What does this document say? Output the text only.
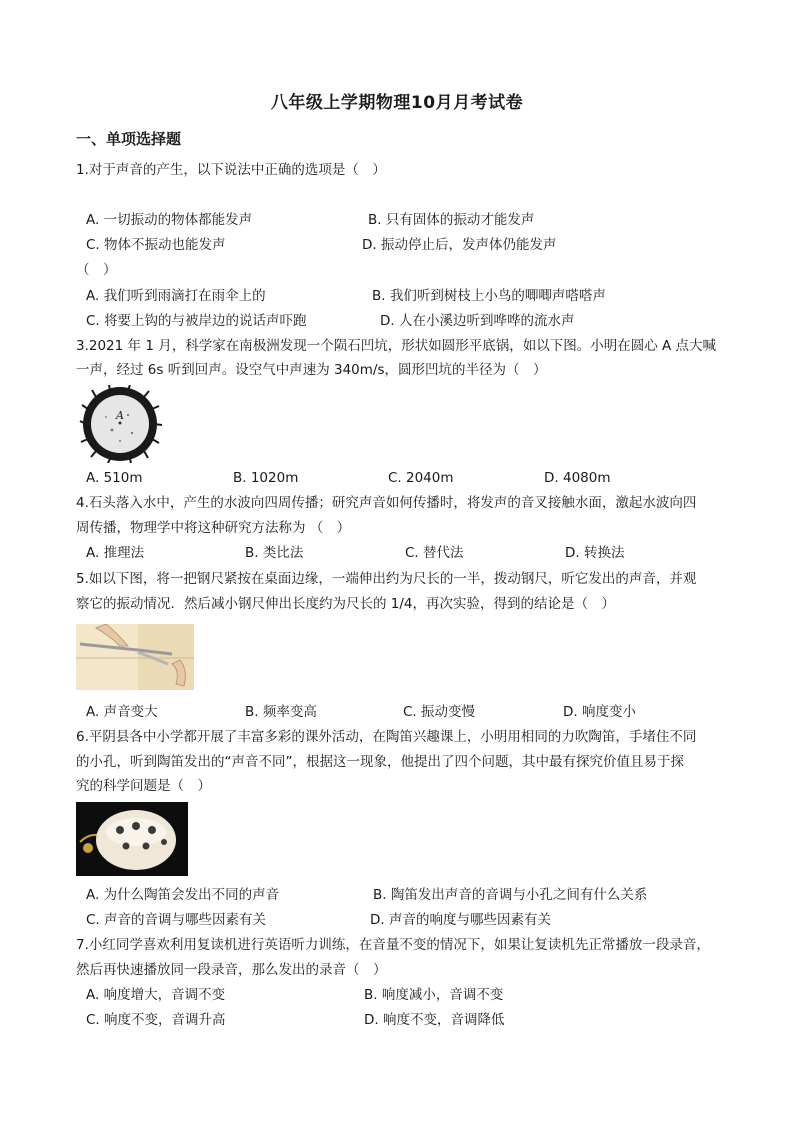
八年级上学期物理10月月考试卷
一、单项选择题
1.对于声音的产生，以下说法中正确的选项是（　）
A. 一切振动的物体都能发声	B. 只有固体的振动才能发声
C. 物体不振动也能发声	D. 振动停止后，发声体仍能发声
（　）
A. 我们听到雨滴打在雨伞上的	B. 我们听到树枝上小鸟的唧唧声嗒嗒声
C. 将要上钩的与被岸边的说话声吓跑	D. 人在小溪边听到哗哗的流水声
3.2021 年 1 月，科学家在南极洲发现一个陨石凹坑，形状如圆形平底锅，如以下图。小明在圆心 A 点大喊
一声，经过 6s 听到回声。设空气中声速为 340m/s，圆形凹坑的半径为（　）
A
A. 510m	B. 1020m	C. 2040m	D. 4080m
4.石头落入水中，产生的水波向四周传播；研究声音如何传播时，将发声的音叉接触水面，激起水波向四
周传播，物理学中将这种研究方法称为 （　）
A. 推理法	B. 类比法	C. 替代法	D. 转换法
5.如以下图，将一把钢尺紧按在桌面边缘，一端伸出约为尺长的一半，拨动钢尺，听它发出的声音，并观
察它的振动情况．然后减小钢尺伸出长度约为尺长的 1/4，再次实验，得到的结论是（　）
A. 声音变大	B. 频率变高	C. 振动变慢	D. 响度变小
6.平阴县各中小学都开展了丰富多彩的课外活动，在陶笛兴趣课上，小明用相同的力吹陶笛，手堵住不同
的小孔，听到陶笛发出的“声音不同”，根据这一现象，他提出了四个问题，其中最有探究价值且易于探
究的科学问题是（　）
A. 为什么陶笛会发出不同的声音	B. 陶笛发出声音的音调与小孔之间有什么关系
C. 声音的音调与哪些因素有关	D. 声音的响度与哪些因素有关
7.小红同学喜欢利用复读机进行英语听力训练，在音量不变的情况下，如果让复读机先正常播放一段录音，
然后再快速播放同一段录音，那么发出的录音（　）
A. 响度增大，音调不变	B. 响度减小，音调不变
C. 响度不变，音调升高	D. 响度不变，音调降低
